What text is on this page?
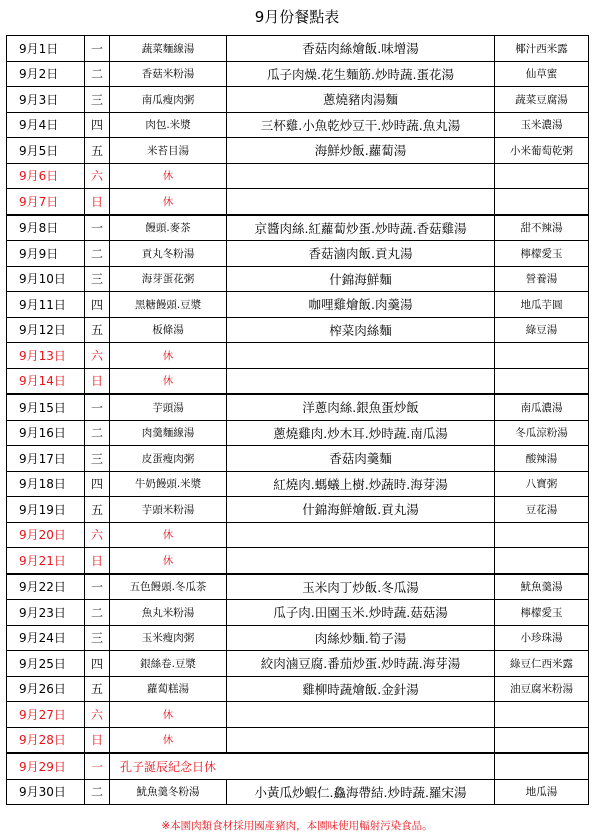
9月份餐點表
9月1日	一	蔬菜麵線湯	香菇肉絲燴飯.味增湯	椰汁西米露
9月2日	二	香菇米粉湯	瓜子肉燥.花生麵筋.炒時蔬.蛋花湯	仙草蜜
9月3日	三	南瓜瘦肉粥	蔥燒豬肉湯麵	蔬菜豆腐湯
9月4日	四	肉包.米漿	三杯雞.小魚乾炒豆干.炒時蔬.魚丸湯	玉米濃湯
9月5日	五	米苔目湯	海鮮炒飯.蘿蔔湯	小米葡萄乾粥
9月6日	六	休		
9月7日	日	休		
9月8日	一	饅頭.麥茶	京醬肉絲.紅蘿蔔炒蛋.炒時蔬.香菇雞湯	甜不辣湯
9月9日	二	貢丸冬粉湯	香菇滷肉飯.貢丸湯	檸檬愛玉
9月10日	三	海芽蛋花粥	什錦海鮮麵	營養湯
9月11日	四	黑糖饅頭.豆漿	咖哩雞燴飯.肉羹湯	地瓜芋圓
9月12日	五	板條湯	榨菜肉絲麵	綠豆湯
9月13日	六	休		
9月14日	日	休		
9月15日	一	芋頭湯	洋蔥肉絲.銀魚蛋炒飯	南瓜濃湯
9月16日	二	肉羹麵線湯	蔥燒雞肉.炒木耳.炒時蔬.南瓜湯	冬瓜涼粉湯
9月17日	三	皮蛋瘦肉粥	香菇肉羹麵	酸辣湯
9月18日	四	牛奶饅頭.米漿	紅燒肉.螞蟻上樹.炒蔬時.海芽湯	八寶粥
9月19日	五	芋頭米粉湯	什錦海鮮燴飯.貢丸湯	豆花湯
9月20日	六	休		
9月21日	日	休		
9月22日	一	五色饅頭.冬瓜茶	玉米肉丁炒飯.冬瓜湯	魷魚羹湯
9月23日	二	魚丸米粉湯	瓜子肉.田園玉米.炒時蔬.菇菇湯	檸檬愛玉
9月24日	三	玉米瘦肉粥	肉絲炒麵.筍子湯	小珍珠湯
9月25日	四	銀絲卷.豆漿	絞肉滷豆腐.番茄炒蛋.炒時蔬.海芽湯	綠豆仁西米露
9月26日	五	蘿蔔糕湯	雞柳時蔬燴飯.金針湯	油豆腐米粉湯
9月27日	六	休		
9月28日	日	休		
9月29日	一	孔子誕辰紀念日休		
9月30日	二	魷魚羹冬粉湯	小黃瓜炒蝦仁.鱻海帶結.炒時蔬.羅宋湯	地瓜湯
※本園肉類食材採用國產豬肉，本園味使用輻射污染食品。
